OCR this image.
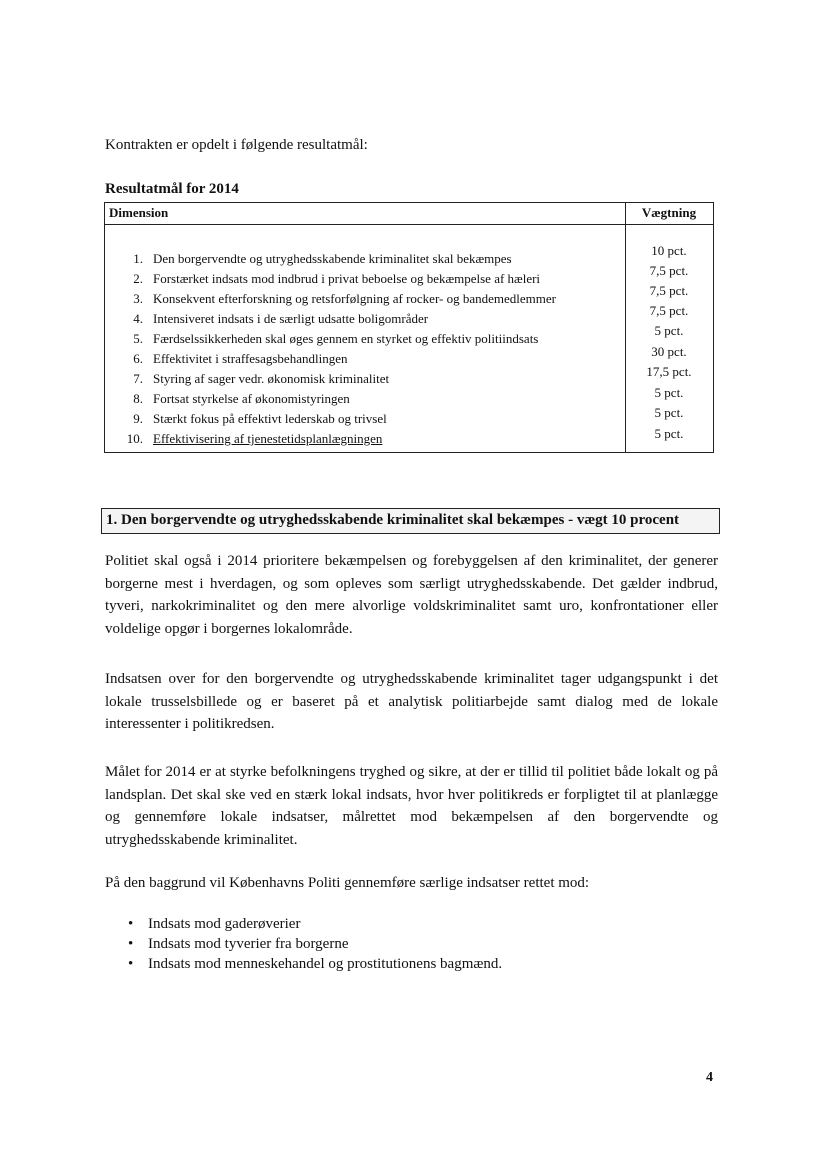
Kontrakten er opdelt i følgende resultatmål:
Resultatmål for 2014
Dimension	Vægtning
1. Den borgervendte og utryghedsskabende kriminalitet skal bekæmpes
2. Forstærket indsats mod indbrud i privat beboelse og bekæmpelse af hæleri
3. Konsekvent efterforskning og retsforfølgning af rocker- og bandemedlemmer
4. Intensiveret indsats i de særligt udsatte boligområder
5. Færdselssikkerheden skal øges gennem en styrket og effektiv politiindsats
6. Effektivitet i straffesagsbehandlingen
7. Styring af sager vedr. økonomisk kriminalitet
8. Fortsat styrkelse af økonomistyringen
9. Stærkt fokus på effektivt lederskab og trivsel
10. Effektivisering af tjenestetidsplanlægningen
10 pct.
7,5 pct.
7,5 pct.
7,5 pct.
5 pct.
30 pct.
17,5 pct.
5 pct.
5 pct.
5 pct.
1. Den borgervendte og utryghedsskabende kriminalitet skal bekæmpes - vægt 10 procent
Politiet skal også i 2014 prioritere bekæmpelsen og forebyggelsen af den kriminalitet, der generer borgerne mest i hverdagen, og som opleves som særligt utryghedsskabende. Det gælder indbrud, tyveri, narkokriminalitet og den mere alvorlige voldskriminalitet samt uro, konfrontationer eller voldelige opgør i borgernes lokalområde.
Indsatsen over for den borgervendte og utryghedsskabende kriminalitet tager udgangspunkt i det lokale trusselsbillede og er baseret på et analytisk politiarbejde samt dialog med de lokale interessenter i politikredsen.
Målet for 2014 er at styrke befolkningens tryghed og sikre, at der er tillid til politiet både lokalt og på landsplan. Det skal ske ved en stærk lokal indsats, hvor hver politikreds er forpligtet til at planlægge og gennemføre lokale indsatser, målrettet mod bekæmpelsen af den borgervendte og utryghedsskabende kriminalitet.
På den baggrund vil Københavns Politi gennemføre særlige indsatser rettet mod:
• Indsats mod gaderøverier
• Indsats mod tyverier fra borgerne
• Indsats mod menneskehandel og prostitutionens bagmænd.
4
